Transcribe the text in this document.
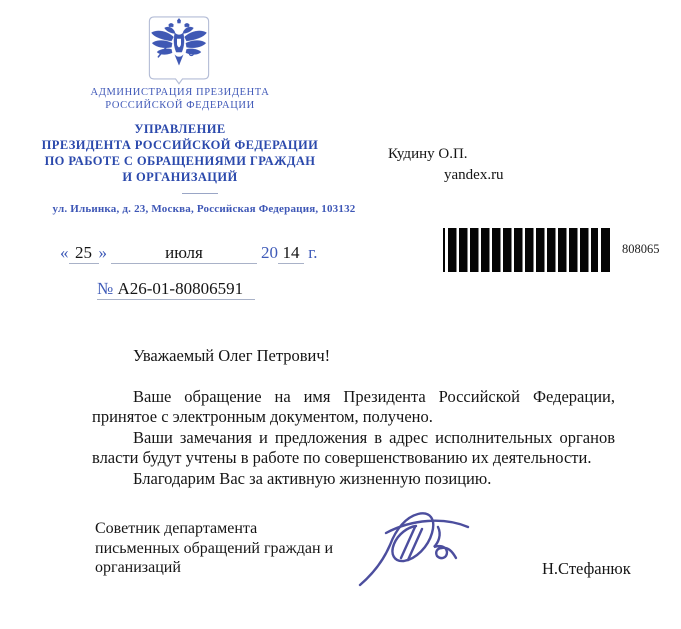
АДМИНИСТРАЦИЯ ПРЕЗИДЕНТА
РОССИЙСКОЙ ФЕДЕРАЦИИ
УПРАВЛЕНИЕ
ПРЕЗИДЕНТА РОССИЙСКОЙ ФЕДЕРАЦИИ
ПО РАБОТЕ С ОБРАЩЕНИЯМИ ГРАЖДАН
И ОРГАНИЗАЦИЙ
ул. Ильинка, д. 23, Москва, Российская Федерация, 103132
Кудину О.П.
yandex.ru
« 25 »	июля	20 14 г.
№ А26-01-80806591
808065

Уважаемый Олег Петрович!

Ваше обращение на имя Президента Российской Федерации, принятое с электронным документом, получено.

Ваши замечания и предложения в адрес исполнительных органов власти будут учтены в работе по совершенствованию их деятельности.

Благодарим Вас за активную жизненную позицию.

Советник департамента
письменных обращений граждан и
организаций	Н.Стефанюк
